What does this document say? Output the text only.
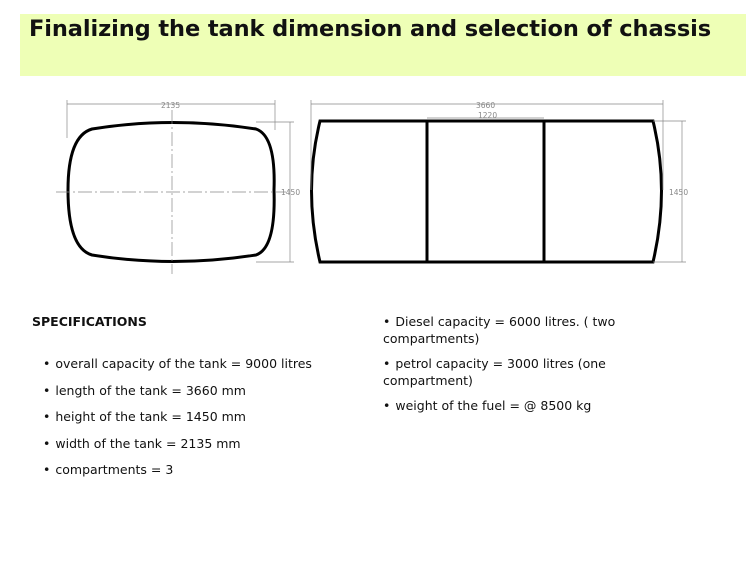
Finalizing the tank dimension and selection of chassis
2135
1450
3660
1220
1450
SPECIFICATIONS
• overall capacity of the tank = 9000 litres
• length of the tank = 3660 mm
• height of the tank = 1450 mm
• width of the tank = 2135 mm
• compartments = 3
• Diesel capacity = 6000 litres. ( two compartments)
• petrol capacity = 3000 litres (one compartment)
• weight of the fuel = @ 8500 kg
